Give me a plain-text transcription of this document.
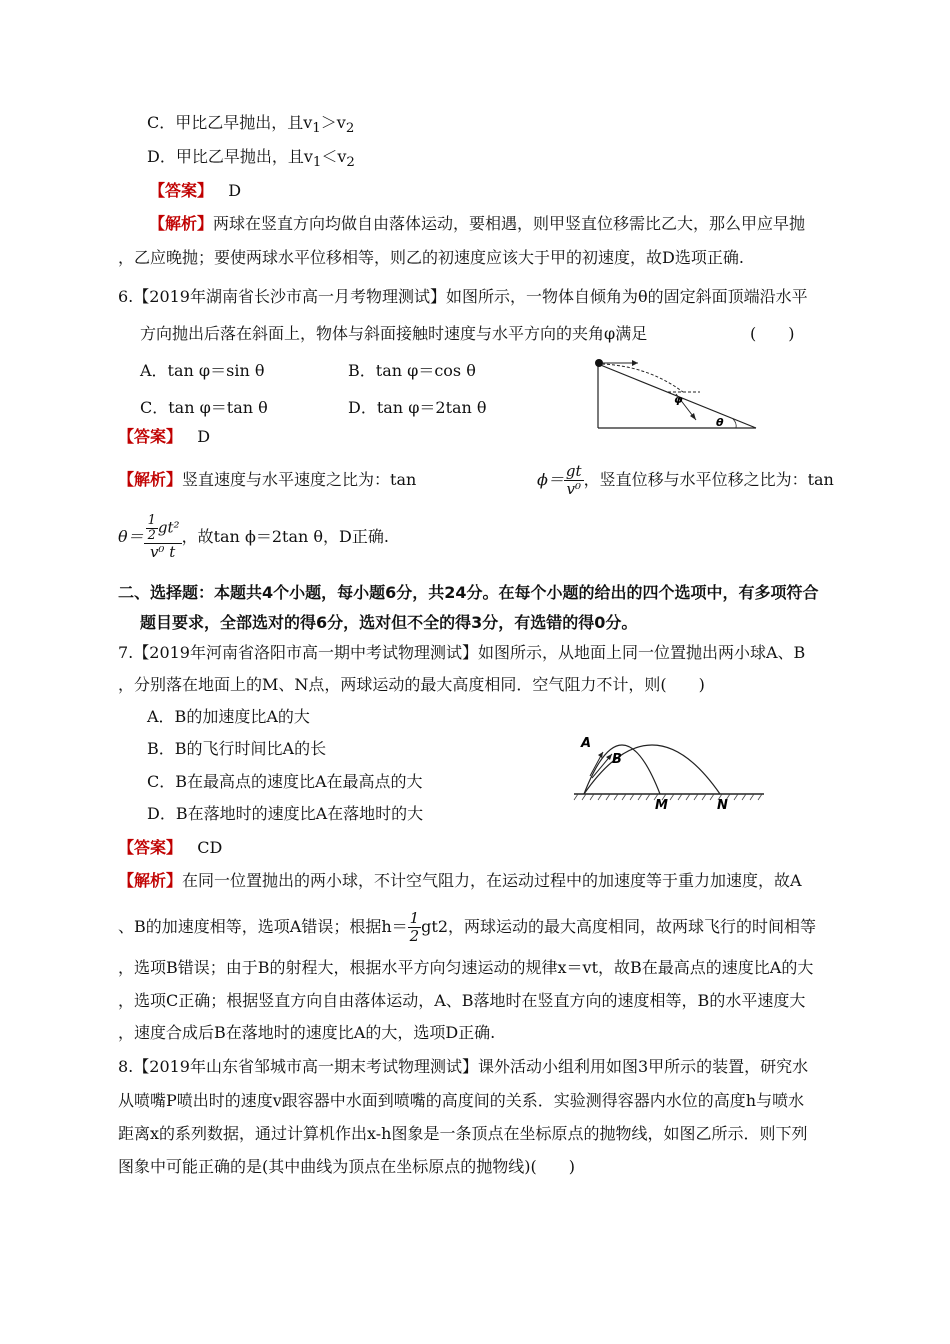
C．甲比乙早抛出，且$v_1>v_2$
D．甲比乙早抛出，且$v_1<v_2$
【答案】 D
【解析】两球在竖直方向均做自由落体运动，要相遇，则甲竖直位移需比乙大，那么甲应早抛
，乙应晚抛；要使两球水平位移相等，则乙的初速度应该大于甲的初速度，故D选项正确.
6.【2019年湖南省长沙市高一月考物理测试】如图所示，一物体自倾角为θ的固定斜面顶端沿水平
方向抛出后落在斜面上，物体与斜面接触时速度与水平方向的夹角φ满足	(　　)
A．tan φ＝sin θ	B．tan φ＝cos θ
C．tan φ＝tan θ	D．tan φ＝2tan θ	φ
θ
【答案】 D
【解析】竖直速度与水平速度之比为：tan	$\phi= \frac{gt}{\text{v⁰}}$ ，竖直位移与水平位移之比为：tan
$\theta= \frac{\frac{1}{2} gt^2}{\text{v⁰ t}}$ ，故tan ϕ＝2tan θ，D正确.
二、选择题：本题共4个小题，每小题6分，共24分。在每个小题的给出的四个选项中，有多项符合
题目要求，全部选对的得6分，选对但不全的得3分，有选错的得0分。
7.【2019年河南省洛阳市高一期中考试物理测试】如图所示，从地面上同一位置抛出两小球A、B
，分别落在地面上的M、N点，两球运动的最大高度相同．空气阻力不计，则(　　)
A．B的加速度比A的大
B．B的飞行时间比A的长
C．B在最高点的速度比A在最高点的大
D．B在落地时的速度比A在落地时的大
A
B
M	N
【答案】 CD
【解析】在同一位置抛出的两小球，不计空气阻力，在运动过程中的加速度等于重力加速度，故A
、B的加速度相等，选项A错误；根据$h= \frac{1}{2} gt2$，两球运动的最大高度相同，故两球飞行的时间相等
，选项B错误；由于B的射程大，根据水平方向匀速运动的规律x＝vt，故B在最高点的速度比A的大
，选项C正确；根据竖直方向自由落体运动，A、B落地时在竖直方向的速度相等，B的水平速度大
，速度合成后B在落地时的速度比A的大，选项D正确.
8.【2019年山东省邹城市高一期末考试物理测试】课外活动小组利用如图3甲所示的装置，研究水
从喷嘴P喷出时的速度v跟容器中水面到喷嘴的高度间的关系．实验测得容器内水位的高度h与喷水
距离x的系列数据，通过计算机作出x-h图象是一条顶点在坐标原点的抛物线，如图乙所示．则下列
图象中可能正确的是(其中曲线为顶点在坐标原点的抛物线)(　　)
